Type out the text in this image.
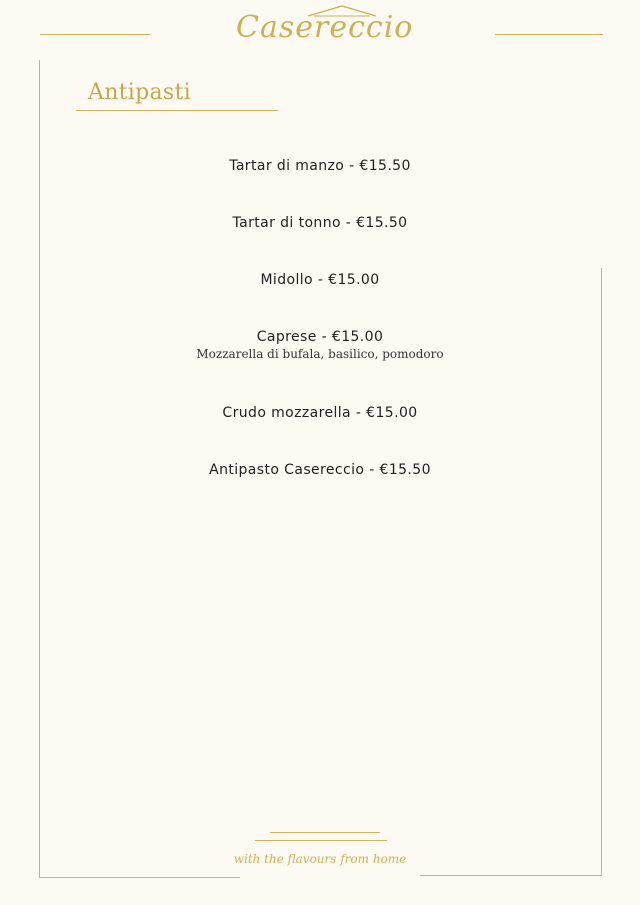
Casereccio
Antipasti
Tartar di manzo - €15.50
Tartar di tonno - €15.50
Midollo - €15.00
Caprese - €15.00
Mozzarella di bufala, basilico, pomodoro
Crudo mozzarella - €15.00
Antipasto Casereccio - €15.50
with the flavours from home
